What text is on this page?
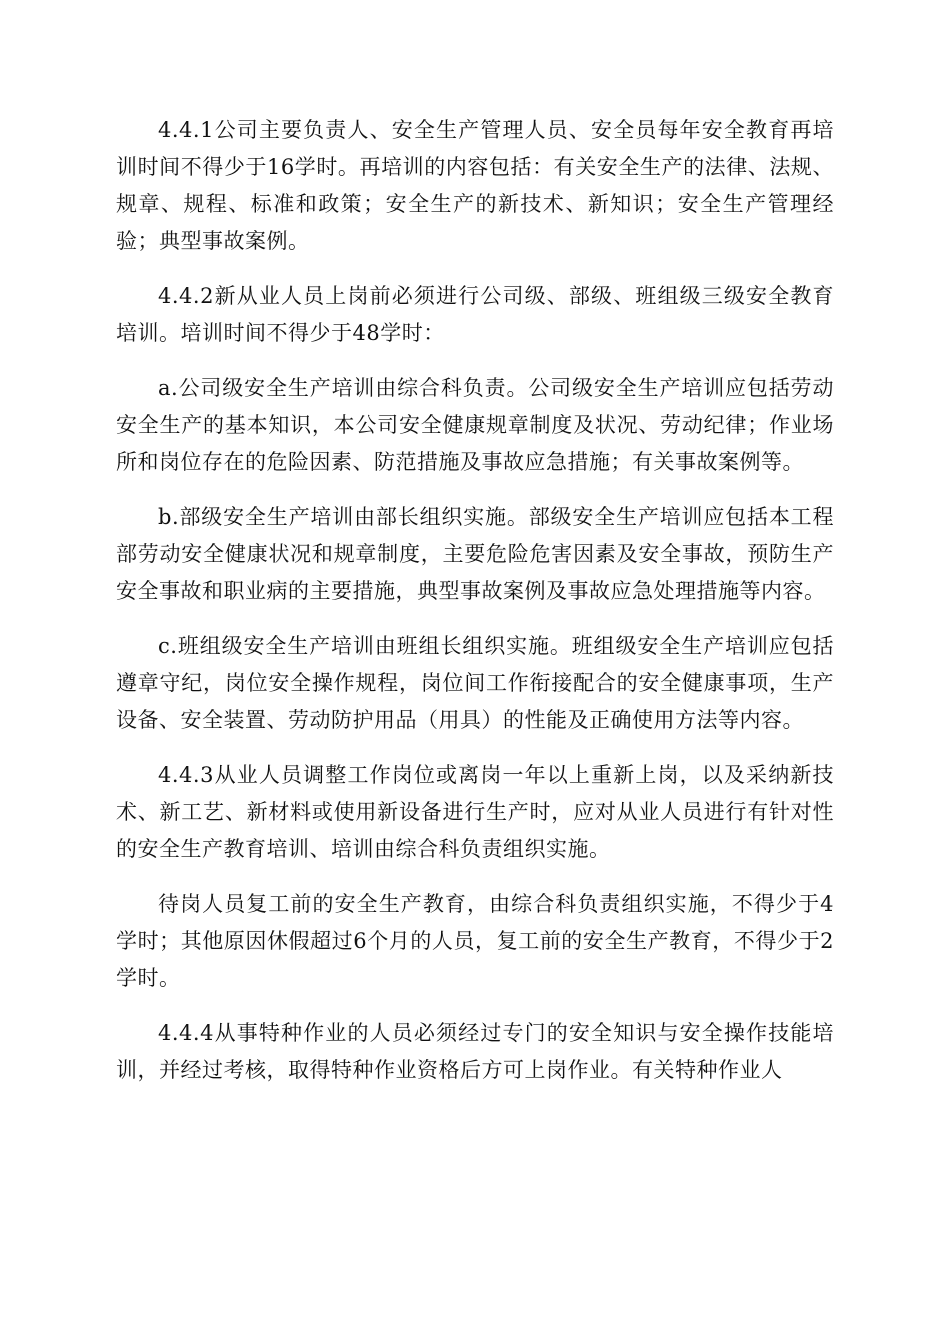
4.4.1公司主要负责人、安全生产管理人员、安全员每年安全教育再培训时间不得少于16学时。再培训的内容包括：有关安全生产的法律、法规、规章、规程、标准和政策；安全生产的新技术、新知识；安全生产管理经验；典型事故案例。

4.4.2新从业人员上岗前必须进行公司级、部级、班组级三级安全教育培训。培训时间不得少于48学时：

a.公司级安全生产培训由综合科负责。公司级安全生产培训应包括劳动安全生产的基本知识，本公司安全健康规章制度及状况、劳动纪律；作业场所和岗位存在的危险因素、防范措施及事故应急措施；有关事故案例等。

b.部级安全生产培训由部长组织实施。部级安全生产培训应包括本工程部劳动安全健康状况和规章制度，主要危险危害因素及安全事故，预防生产安全事故和职业病的主要措施，典型事故案例及事故应急处理措施等内容。

c.班组级安全生产培训由班组长组织实施。班组级安全生产培训应包括遵章守纪，岗位安全操作规程，岗位间工作衔接配合的安全健康事项，生产设备、安全装置、劳动防护用品（用具）的性能及正确使用方法等内容。

4.4.3从业人员调整工作岗位或离岗一年以上重新上岗，以及采纳新技术、新工艺、新材料或使用新设备进行生产时，应对从业人员进行有针对性的安全生产教育培训、培训由综合科负责组织实施。

待岗人员复工前的安全生产教育，由综合科负责组织实施，不得少于4学时；其他原因休假超过6个月的人员，复工前的安全生产教育，不得少于2学时。

4.4.4从事特种作业的人员必须经过专门的安全知识与安全操作技能培训，并经过考核，取得特种作业资格后方可上岗作业。有关特种作业人
